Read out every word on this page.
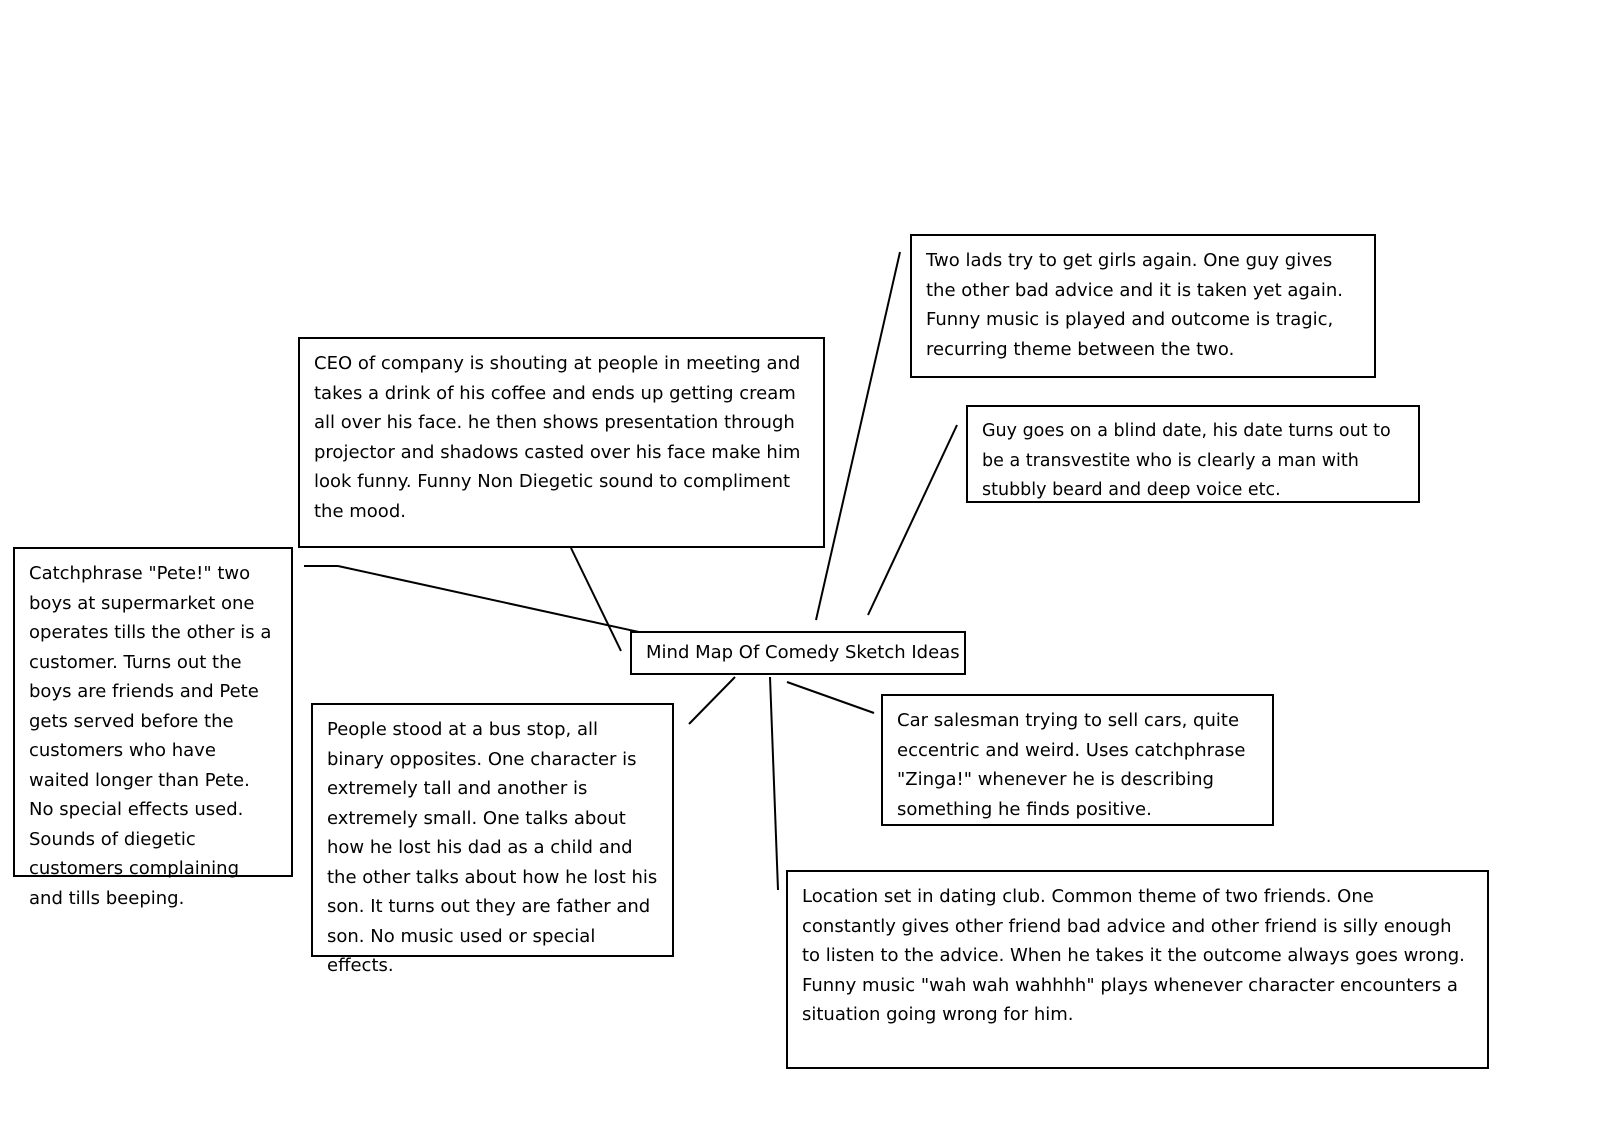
CEO of company is shouting at people in meeting and takes a drink of his coffee and ends up getting cream all over his face. he then shows presentation through projector and shadows casted over his face make him look funny. Funny Non Diegetic sound to compliment the mood.
Two lads try to get girls again. One guy gives the other bad advice and it is taken yet again. Funny music is played and outcome is tragic, recurring theme between the two.
Guy goes on a blind date, his date turns out to be a transvestite who is clearly a man with stubbly beard and deep voice etc.
Catchphrase "Pete!" two boys at supermarket one operates tills the other is a customer. Turns out the boys are friends and Pete gets served before the customers who have waited longer than Pete. No special effects used. Sounds of diegetic customers complaining and tills beeping.
People stood at a bus stop, all binary opposites. One character is extremely tall and another is extremely small. One talks about how he lost his dad as a child and the other talks about how he lost his son. It turns out they are father and son. No music used or special effects.
Car salesman trying to sell cars, quite eccentric and weird. Uses catchphrase "Zinga!" whenever he is describing something he finds positive.
Location set in dating club. Common theme of two friends. One constantly gives other friend bad advice and other friend is silly enough to listen to the advice. When he takes it the outcome always goes wrong. Funny music "wah wah wahhhh" plays whenever character encounters a situation going wrong for him.
Mind Map Of Comedy Sketch Ideas
